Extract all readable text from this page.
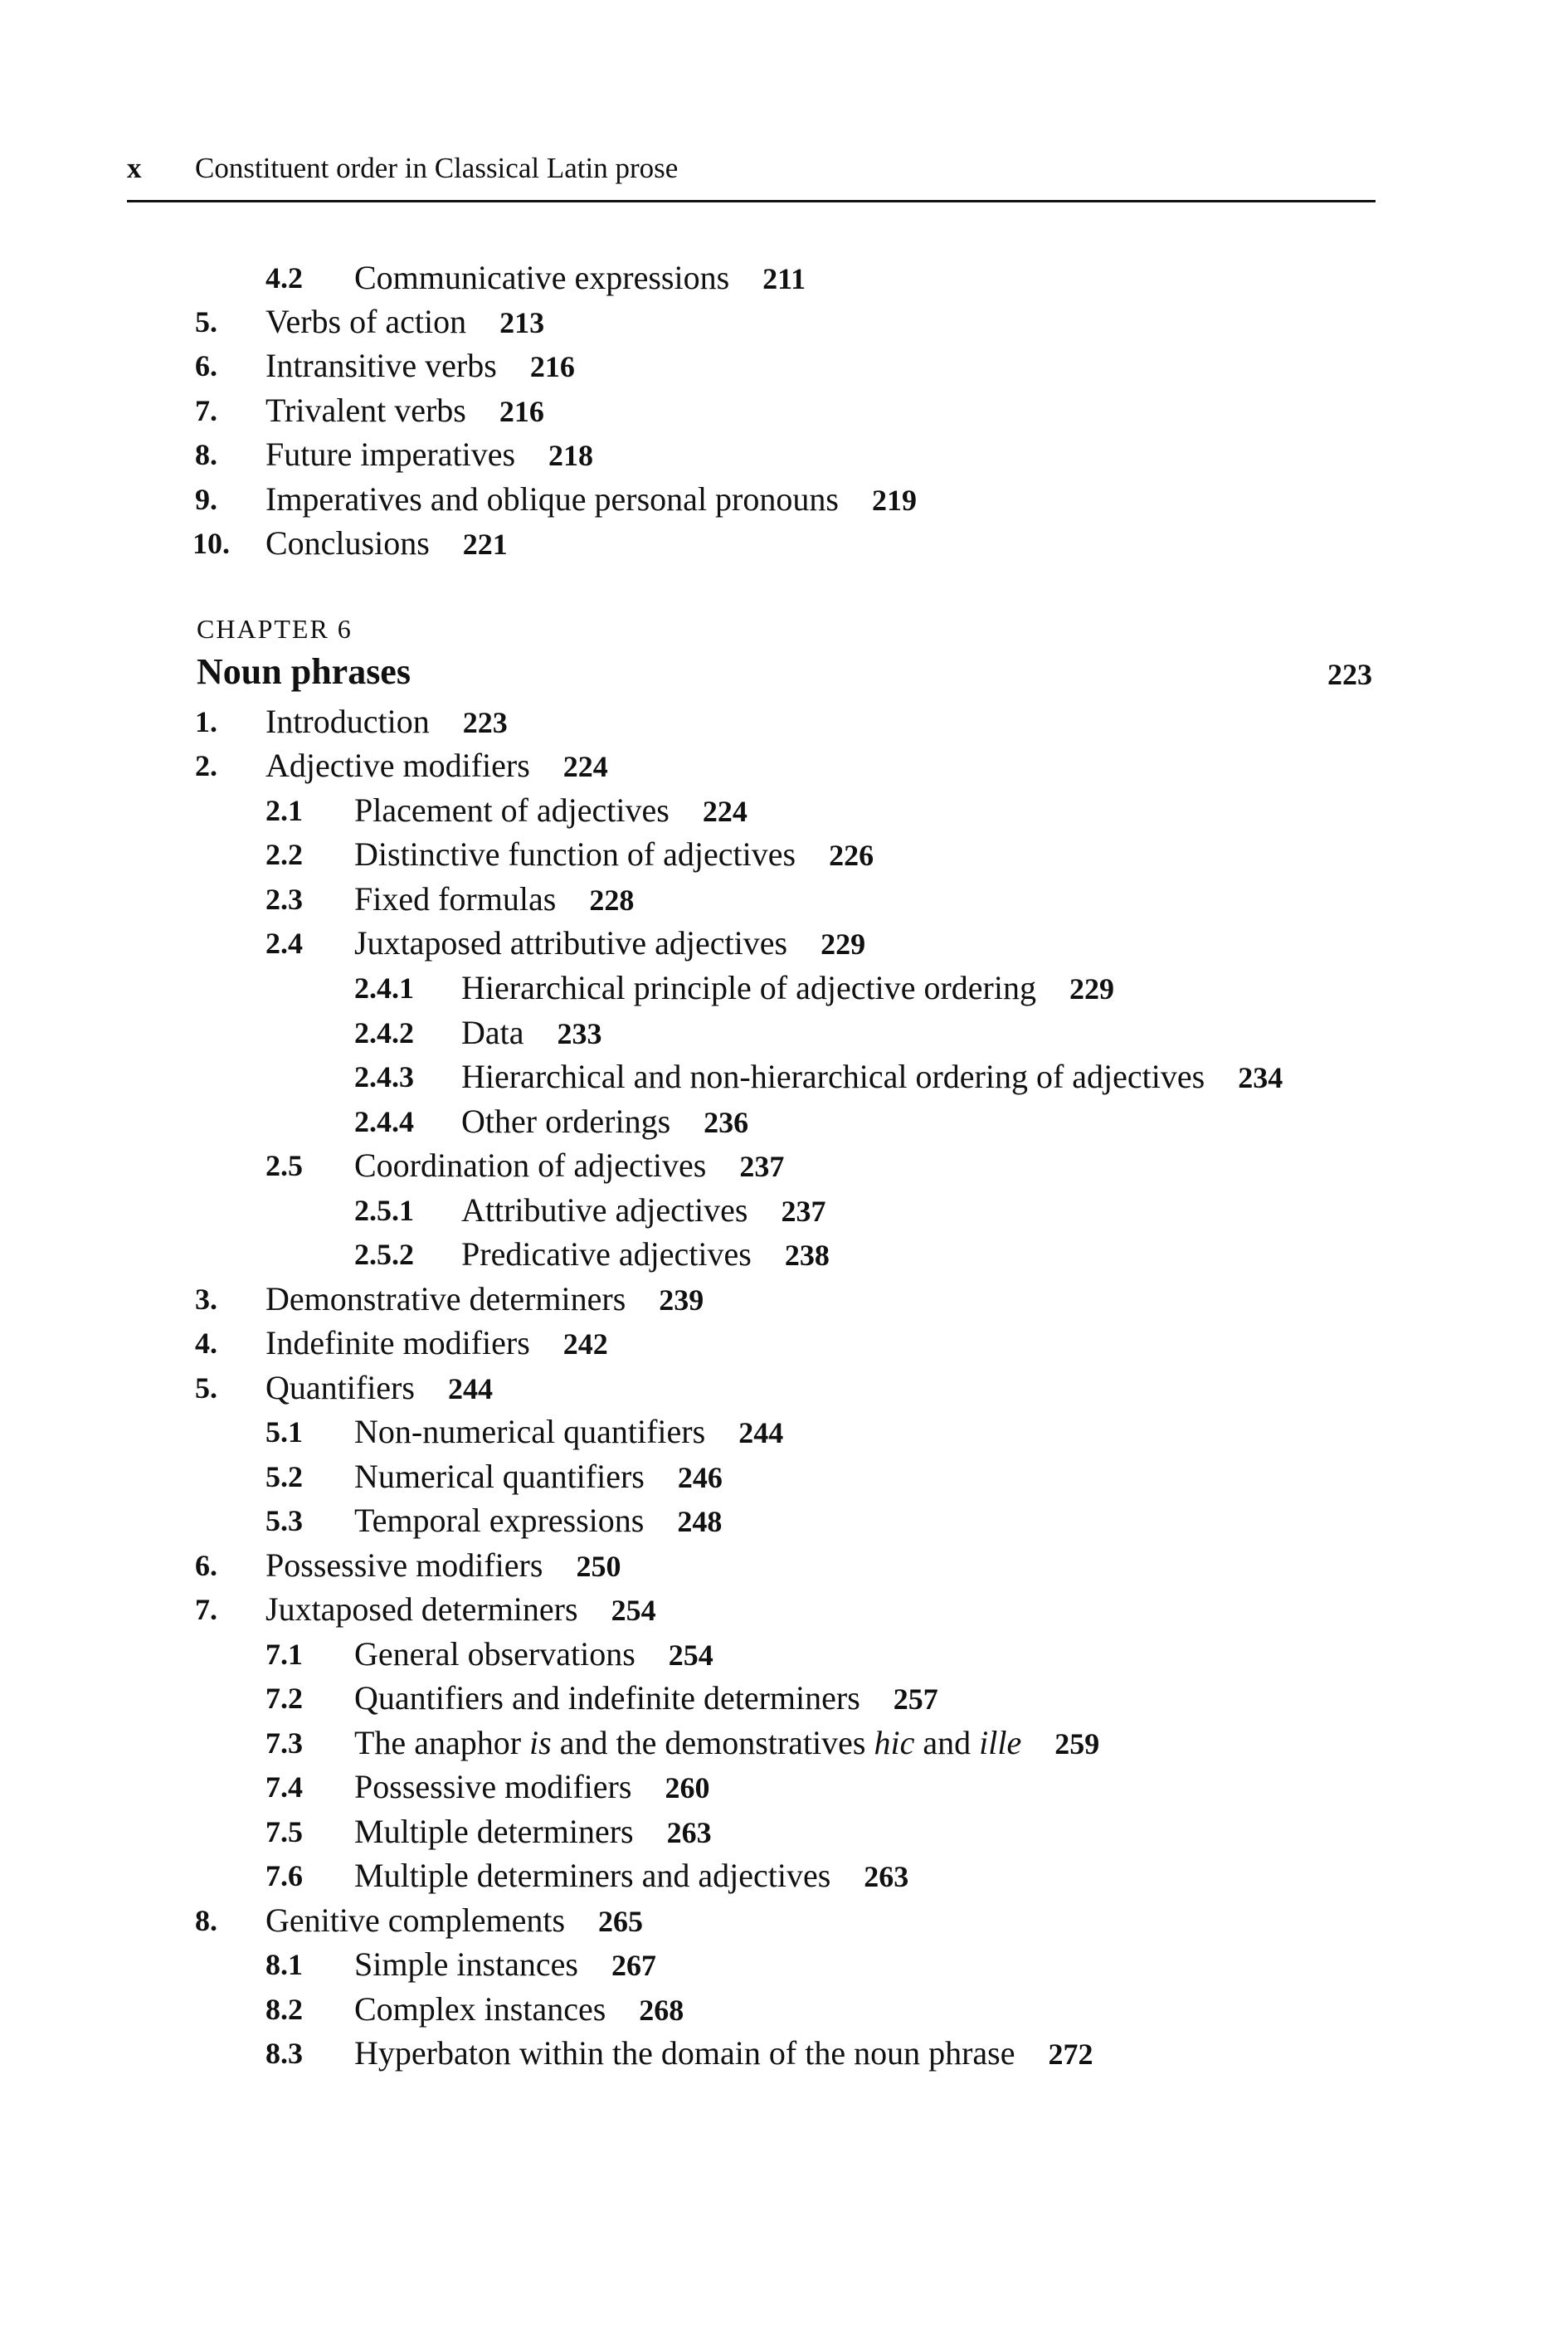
x Constituent order in Classical Latin prose
CHAPTER 6
Noun phrases	223
4.2 Communicative expressions 211
5. Verbs of action 213
6. Intransitive verbs 216
7. Trivalent verbs 216
8. Future imperatives 218
9. Imperatives and oblique personal pronouns 219
10. Conclusions 221
1. Introduction 223
2. Adjective modifiers 224
2.1 Placement of adjectives 224
2.2 Distinctive function of adjectives 226
2.3 Fixed formulas 228
2.4 Juxtaposed attributive adjectives 229
2.4.1 Hierarchical principle of adjective ordering 229
2.4.2 Data 233
2.4.3 Hierarchical and non-hierarchical ordering of adjectives 234
2.4.4 Other orderings 236
2.5 Coordination of adjectives 237
2.5.1 Attributive adjectives 237
2.5.2 Predicative adjectives 238
3. Demonstrative determiners 239
4. Indefinite modifiers 242
5. Quantifiers 244
5.1 Non-numerical quantifiers 244
5.2 Numerical quantifiers 246
5.3 Temporal expressions 248
6. Possessive modifiers 250
7. Juxtaposed determiners 254
7.1 General observations 254
7.2 Quantifiers and indefinite determiners 257
7.3 The anaphor is and the demonstratives hic and ille 259
7.4 Possessive modifiers 260
7.5 Multiple determiners 263
7.6 Multiple determiners and adjectives 263
8. Genitive complements 265
8.1 Simple instances 267
8.2 Complex instances 268
8.3 Hyperbaton within the domain of the noun phrase 272
